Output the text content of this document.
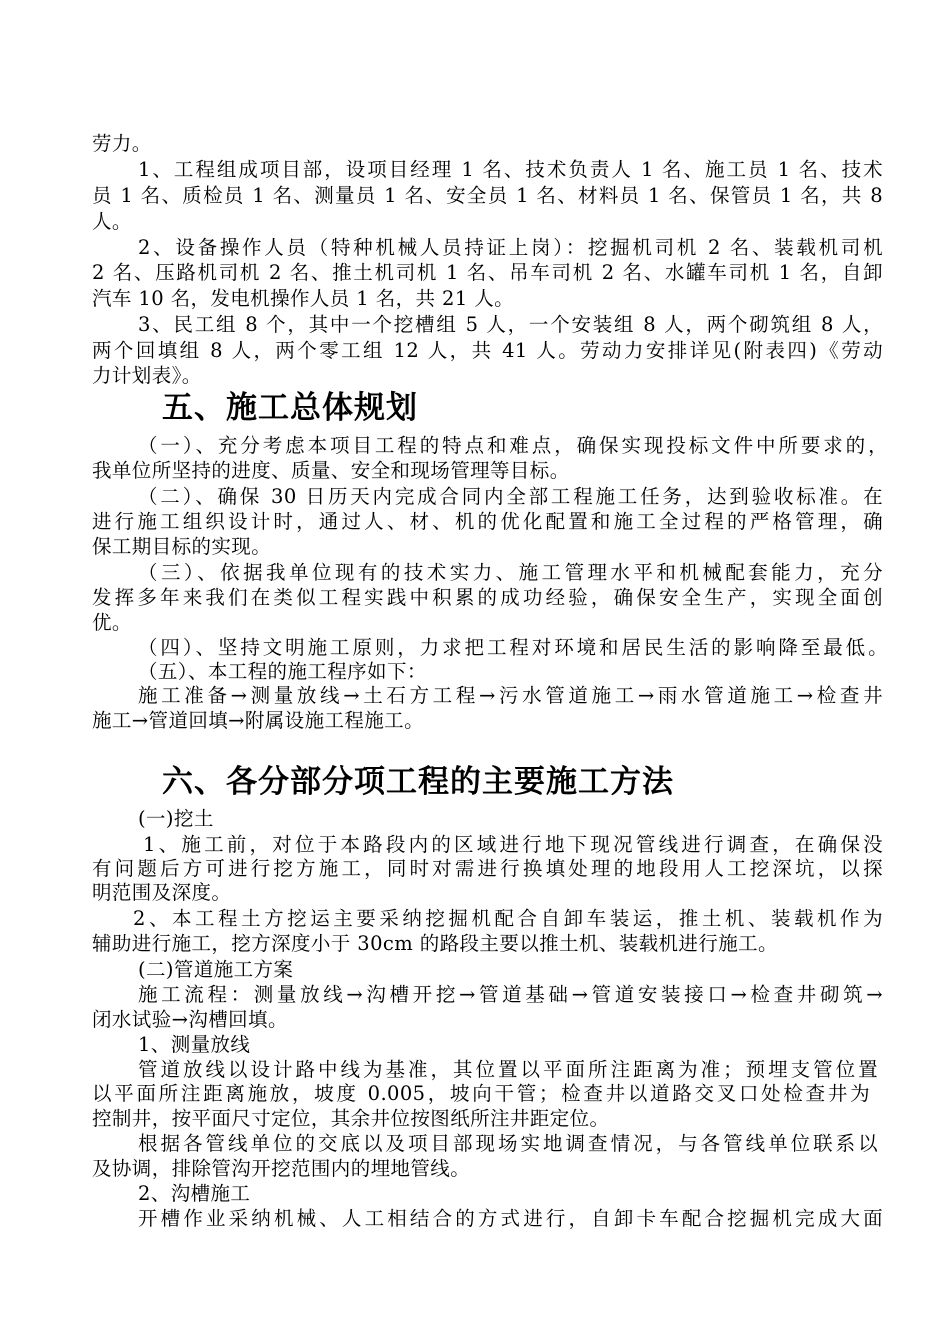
劳力。

1、工程组成项目部，设项目经理 1 名、技术负责人 1 名、施工员 1 名、技术

员 1 名、质检员 1 名、测量员 1 名、安全员 1 名、材料员 1 名、保管员 1 名，共 8

人。

2、设备操作人员（特种机械人员持证上岗）：挖掘机司机 2 名、装载机司机

2 名、压路机司机 2 名、推土机司机 1 名、吊车司机 2 名、水罐车司机 1 名，自卸

汽车 10 名，发电机操作人员 1 名，共 21 人。

3、民工组 8 个，其中一个挖槽组 5 人，一个安装组 8 人，两个砌筑组 8 人，

两个回填组 8 人，两个零工组 12 人，共 41 人。劳动力安排详见(附表四)《劳动

力计划表》。

五、施工总体规划

（一）、充分考虑本项目工程的特点和难点，确保实现投标文件中所要求的，

我单位所坚持的进度、质量、安全和现场管理等目标。

（二）、确保 30 日历天内完成合同内全部工程施工任务，达到验收标准。在

进行施工组织设计时，通过人、材、机的优化配置和施工全过程的严格管理，确

保工期目标的实现。

（三）、依据我单位现有的技术实力、施工管理水平和机械配套能力，充分

发挥多年来我们在类似工程实践中积累的成功经验，确保安全生产，实现全面创

优。

（四）、坚持文明施工原则，力求把工程对环境和居民生活的影响降至最低。

（五）、本工程的施工程序如下：

施工准备→测量放线→土石方工程→污水管道施工→雨水管道施工→检查井

施工→管道回填→附属设施工程施工。

六、各分部分项工程的主要施工方法

(一)挖土

1、施工前，对位于本路段内的区域进行地下现况管线进行调查，在确保没

有问题后方可进行挖方施工，同时对需进行换填处理的地段用人工挖深坑，以探

明范围及深度。

2、本工程土方挖运主要采纳挖掘机配合自卸车装运，推土机、装载机作为

辅助进行施工，挖方深度小于 30cm 的路段主要以推土机、装载机进行施工。

(二)管道施工方案

施工流程：测量放线→沟槽开挖→管道基础→管道安装接口→检查井砌筑→

闭水试验→沟槽回填。

1、测量放线

管道放线以设计路中线为基准，其位置以平面所注距离为准；预埋支管位置

以平面所注距离施放，坡度 0.005，坡向干管；检查井以道路交叉口处检查井为

控制井，按平面尺寸定位，其余井位按图纸所注井距定位。

根据各管线单位的交底以及项目部现场实地调查情况，与各管线单位联系以

及协调，排除管沟开挖范围内的埋地管线。

2、沟槽施工

开槽作业采纳机械、人工相结合的方式进行，自卸卡车配合挖掘机完成大面
